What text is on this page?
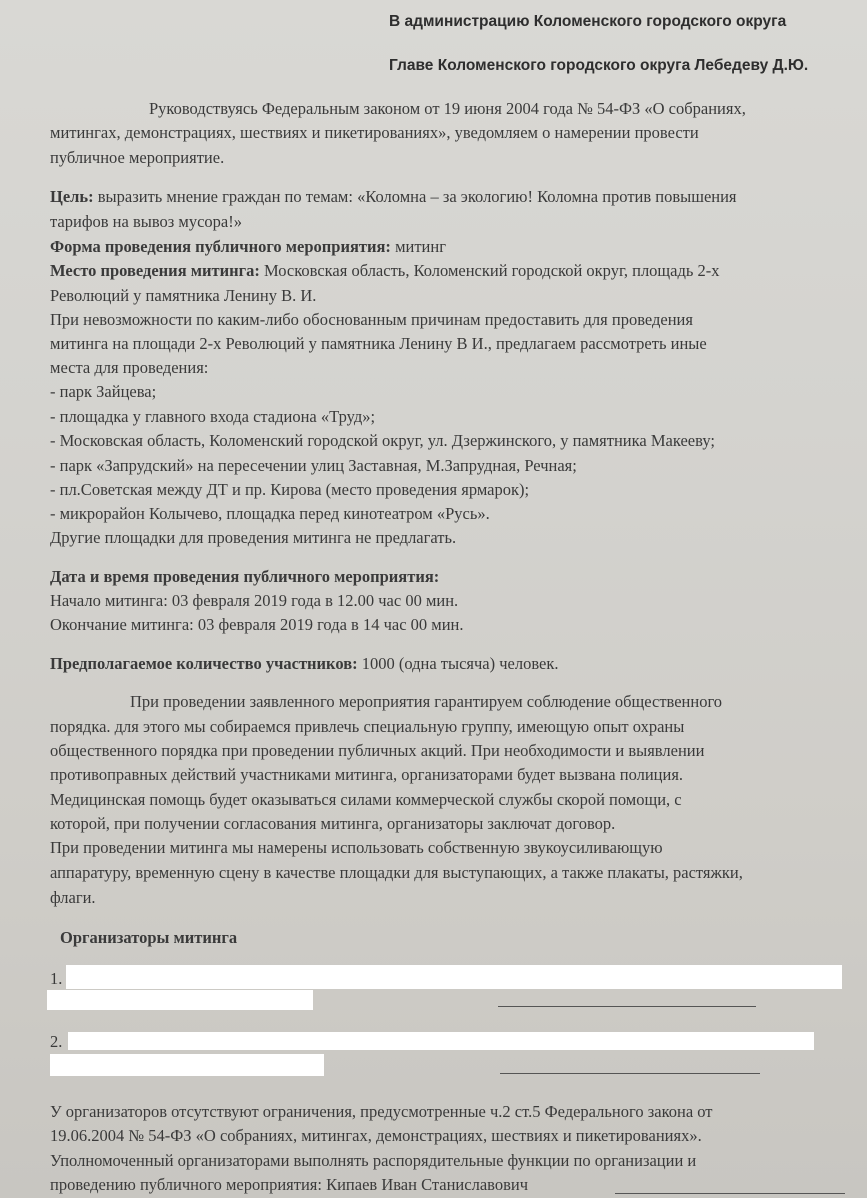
В администрацию Коломенского городского округа
Главе Коломенского городского округа Лебедеву Д.Ю.
Руководствуясь Федеральным законом от 19 июня 2004 года № 54-ФЗ «О собраниях,
митингах, демонстрациях, шествиях и пикетированиях», уведомляем о намерении провести
публичное мероприятие.
Цель: выразить мнение граждан по темам: «Коломна – за экологию! Коломна против повышения
тарифов на вывоз мусора!»
Форма проведения публичного мероприятия: митинг
Место проведения митинга: Московская область, Коломенский городской округ, площадь 2-х
Революций у памятника Ленину В. И.
При невозможности по каким-либо обоснованным причинам предоставить для проведения
митинга на площади 2-х Революций у памятника Ленину В И., предлагаем рассмотреть иные
места для проведения:
- парк Зайцева;
- площадка у главного входа стадиона «Труд»;
- Московская область, Коломенский городской округ, ул. Дзержинского, у памятника Макееву;
- парк «Запрудский» на пересечении улиц Заставная, М.Запрудная, Речная;
- пл.Советская между ДТ и пр. Кирова (место проведения ярмарок);
- микрорайон Колычево, площадка перед кинотеатром «Русь».
Другие площадки для проведения митинга не предлагать.
Дата и время проведения публичного мероприятия:
Начало митинга: 03 февраля 2019 года в 12.00 час 00 мин.
Окончание митинга: 03 февраля 2019 года в 14 час 00 мин.
Предполагаемое количество участников: 1000 (одна тысяча) человек.
При проведении заявленного мероприятия гарантируем соблюдение общественного
порядка. для этого мы собираемся привлечь специальную группу, имеющую опыт охраны
общественного порядка при проведении публичных акций. При необходимости и выявлении
противоправных действий участниками митинга, организаторами будет вызвана полиция.
Медицинская помощь будет оказываться силами коммерческой службы скорой помощи, с
которой, при получении согласования митинга, организаторы заключат договор.
При проведении митинга мы намерены использовать собственную звукоусиливающую
аппаратуру, временную сцену в качестве площадки для выступающих, а также плакаты, растяжки,
флаги.
Организаторы митинга
1.
2.
У организаторов отсутствуют ограничения, предусмотренные ч.2 ст.5 Федерального закона от
19.06.2004 № 54-ФЗ «О собраниях, митингах, демонстрациях, шествиях и пикетированиях».
Уполномоченный организаторами выполнять распорядительные функции по организации и
проведению публичного мероприятия: Кипаев Иван Станиславович
